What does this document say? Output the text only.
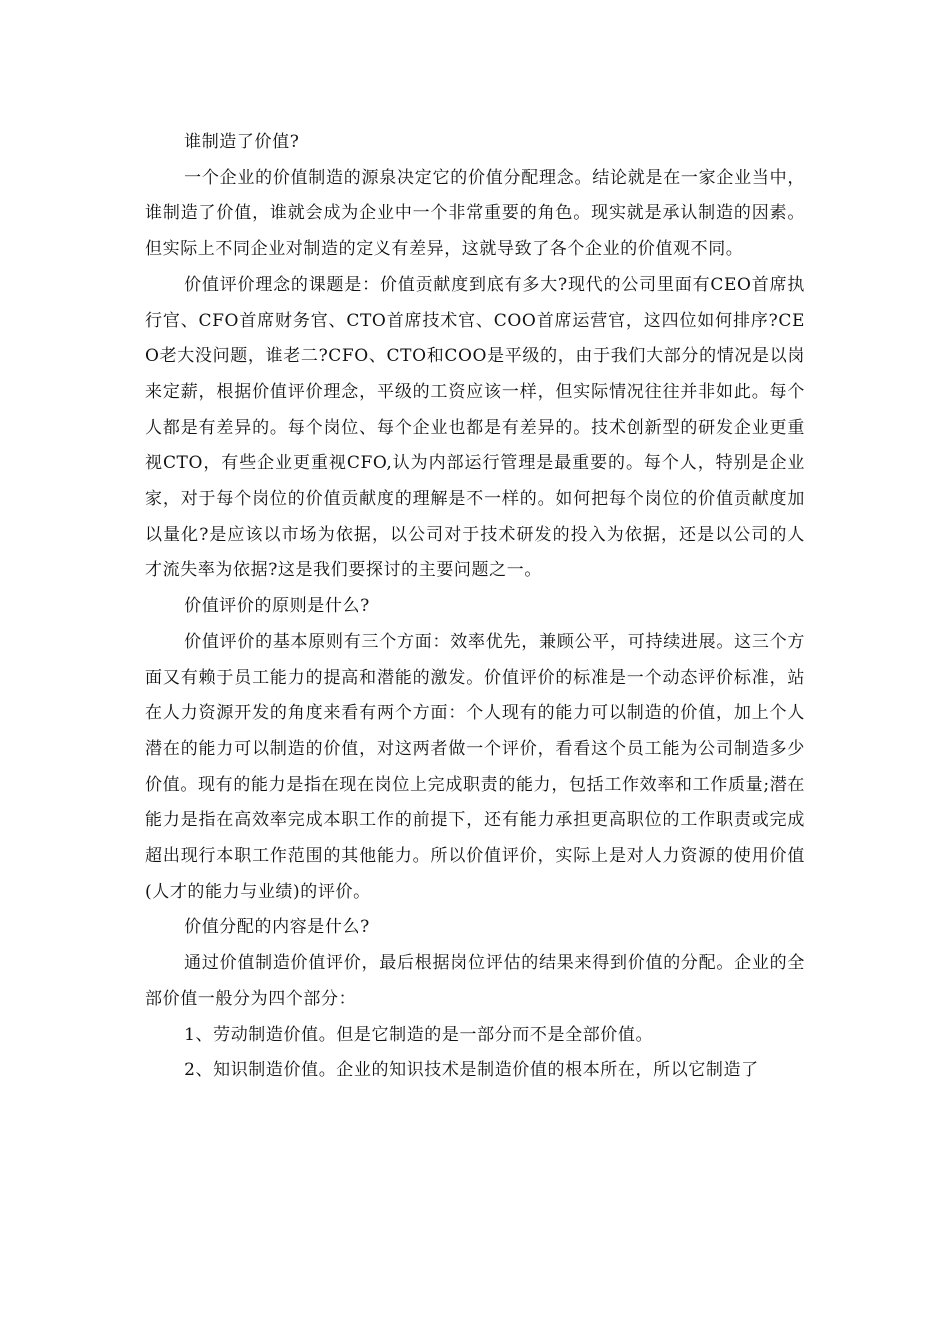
谁制造了价值?

一个企业的价值制造的源泉决定它的价值分配理念。结论就是在一家企业当中，谁制造了价值，谁就会成为企业中一个非常重要的角色。现实就是承认制造的因素。但实际上不同企业对制造的定义有差异，这就导致了各个企业的价值观不同。

价值评价理念的课题是：价值贡献度到底有多大?现代的公司里面有CEO首席执行官、CFO首席财务官、CTO首席技术官、COO首席运营官，这四位如何排序?CEO老大没问题，谁老二?CFO、CTO和COO是平级的，由于我们大部分的情况是以岗来定薪，根据价值评价理念，平级的工资应该一样，但实际情况往往并非如此。每个人都是有差异的。每个岗位、每个企业也都是有差异的。技术创新型的研发企业更重视CTO，有些企业更重视CFO,认为内部运行管理是最重要的。每个人，特别是企业家，对于每个岗位的价值贡献度的理解是不一样的。如何把每个岗位的价值贡献度加以量化?是应该以市场为依据，以公司对于技术研发的投入为依据，还是以公司的人才流失率为依据?这是我们要探讨的主要问题之一。

价值评价的原则是什么?

价值评价的基本原则有三个方面：效率优先，兼顾公平，可持续进展。这三个方面又有赖于员工能力的提高和潜能的激发。价值评价的标准是一个动态评价标准，站在人力资源开发的角度来看有两个方面：个人现有的能力可以制造的价值，加上个人潜在的能力可以制造的价值，对这两者做一个评价，看看这个员工能为公司制造多少价值。现有的能力是指在现在岗位上完成职责的能力，包括工作效率和工作质量;潜在能力是指在高效率完成本职工作的前提下，还有能力承担更高职位的工作职责或完成超出现行本职工作范围的其他能力。所以价值评价，实际上是对人力资源的使用价值(人才的能力与业绩)的评价。

价值分配的内容是什么?

通过价值制造价值评价，最后根据岗位评估的结果来得到价值的分配。企业的全部价值一般分为四个部分：

1、劳动制造价值。但是它制造的是一部分而不是全部价值。

2、知识制造价值。企业的知识技术是制造价值的根本所在，所以它制造了
